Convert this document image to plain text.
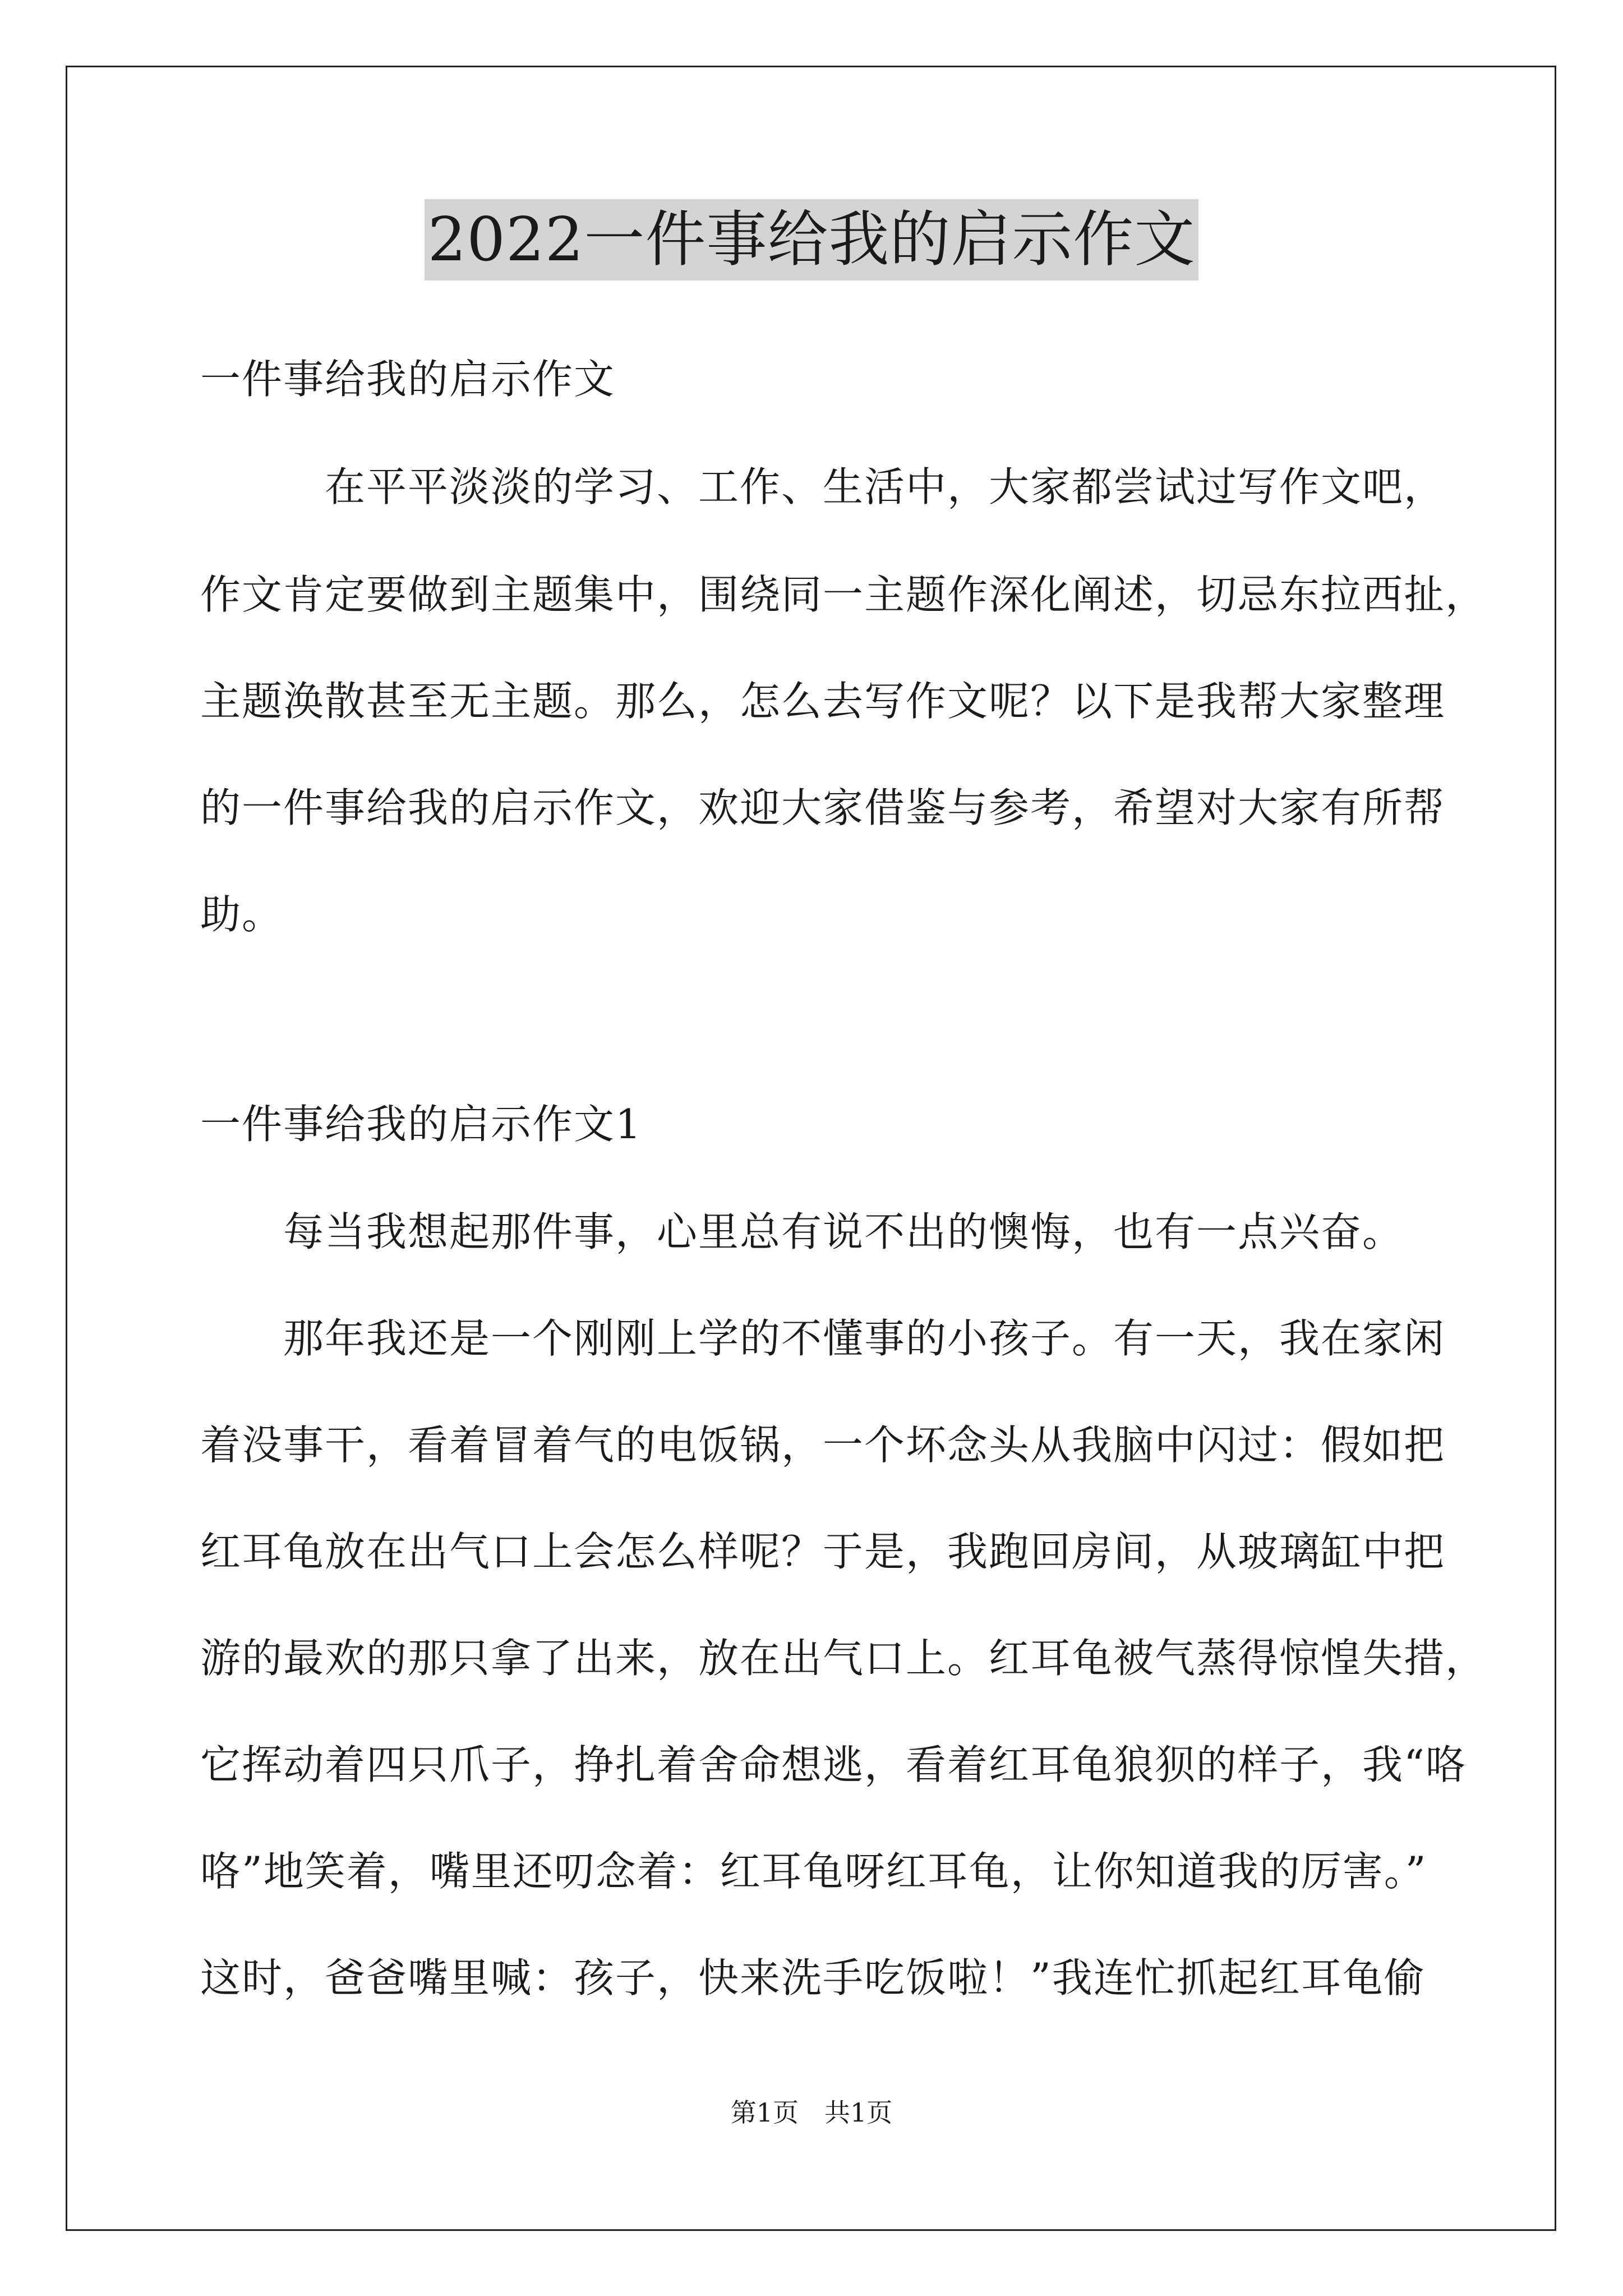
2022一件事给我的启示作文
一件事给我的启示作文
　　　在平平淡淡的学习、工作、生活中，大家都尝试过写作文吧，
作文肯定要做到主题集中，围绕同一主题作深化阐述，切忌东拉西扯，
主题涣散甚至无主题。那么，怎么去写作文呢？以下是我帮大家整理
的一件事给我的启示作文，欢迎大家借鉴与参考，希望对大家有所帮
助。
一件事给我的启示作文1
　　每当我想起那件事，心里总有说不出的懊悔，也有一点兴奋。
　　那年我还是一个刚刚上学的不懂事的小孩子。有一天，我在家闲
着没事干，看着冒着气的电饭锅，一个坏念头从我脑中闪过：假如把
红耳龟放在出气口上会怎么样呢？于是，我跑回房间，从玻璃缸中把
游的最欢的那只拿了出来，放在出气口上。红耳龟被气蒸得惊惶失措，
它挥动着四只爪子，挣扎着舍命想逃，看着红耳龟狼狈的样子，我“咯
咯”地笑着，嘴里还叨念着：红耳龟呀红耳龟，让你知道我的厉害。”
这时，爸爸嘴里喊：孩子，快来洗手吃饭啦！”我连忙抓起红耳龟偷
第1页　共1页
